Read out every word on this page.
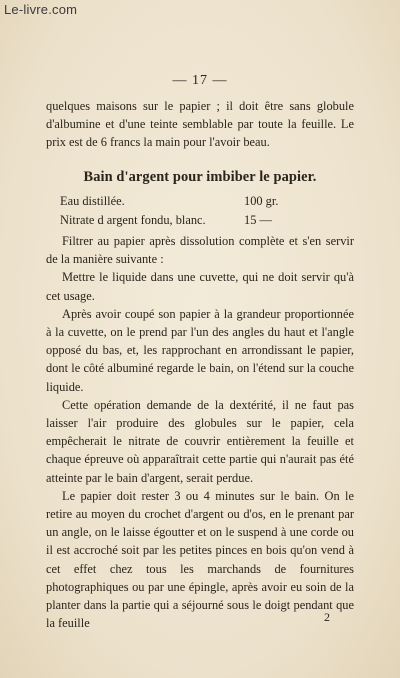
Le-livre.com
— 17 —

quelques maisons sur le papier ; il doit être sans globule d'albumine et d'une teinte semblable par toute la feuille. Le prix est de 6 francs la main pour l'avoir beau.

Bain d'argent pour imbiber le papier.
Eau distillée.	100 gr.
Nitrate d argent fondu, blanc.	15 —

Filtrer au papier après dissolution complète et s'en servir de la manière suivante :

Mettre le liquide dans une cuvette, qui ne doit servir qu'à cet usage.

Après avoir coupé son papier à la grandeur proportionnée à la cuvette, on le prend par l'un des angles du haut et l'angle opposé du bas, et, les rapprochant en arrondissant le papier, dont le côté albuminé regarde le bain, on l'étend sur la couche liquide.

Cette opération demande de la dextérité, il ne faut pas laisser l'air produire des globules sur le papier, cela empêcherait le nitrate de couvrir entièrement la feuille et chaque épreuve où apparaîtrait cette partie qui n'aurait pas été atteinte par le bain d'argent, serait perdue.

Le papier doit rester 3 ou 4 minutes sur le bain. On le retire au moyen du crochet d'argent ou d'os, en le prenant par un angle, on le laisse égoutter et on le suspend à une corde ou il est accroché soit par les petites pinces en bois qu'on vend à cet effet chez tous les marchands de fournitures photographiques ou par une épingle, après avoir eu soin de la planter dans la partie qui a séjourné sous le doigt pendant que la feuille	2
